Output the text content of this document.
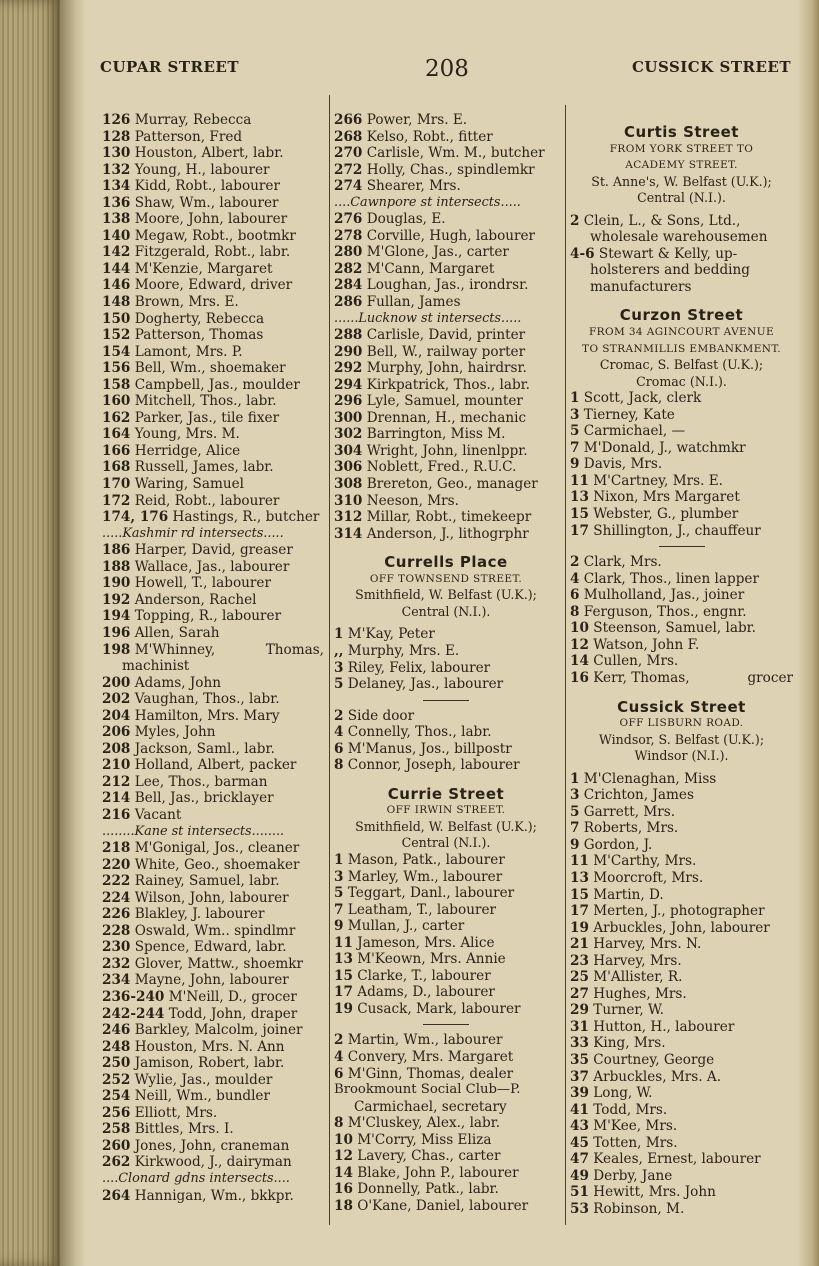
CUPAR STREET	208	CUSSICK STREET
126 Murray, Rebecca
128 Patterson, Fred
130 Houston, Albert, labr.
132 Young, H., labourer
134 Kidd, Robt., labourer
136 Shaw, Wm., labourer
138 Moore, John, labourer
140 Megaw, Robt., bootmkr
142 Fitzgerald, Robt., labr.
144 M'Kenzie, Margaret
146 Moore, Edward, driver
148 Brown, Mrs. E.
150 Dogherty, Rebecca
152 Patterson, Thomas
154 Lamont, Mrs. P.
156 Bell, Wm., shoemaker
158 Campbell, Jas., moulder
160 Mitchell, Thos., labr.
162 Parker, Jas., tile fixer
164 Young, Mrs. M.
166 Herridge, Alice
168 Russell, James, labr.
170 Waring, Samuel
172 Reid, Robt., labourer
174, 176 Hastings, R., butcher
.....Kashmir rd intersects.....
186 Harper, David, greaser
188 Wallace, Jas., labourer
190 Howell, T., labourer
192 Anderson, Rachel
194 Topping, R., labourer
196 Allen, Sarah
198 M'Whinney,	Thomas,
machinist
200 Adams, John
202 Vaughan, Thos., labr.
204 Hamilton, Mrs. Mary
206 Myles, John
208 Jackson, Saml., labr.
210 Holland, Albert, packer
212 Lee, Thos., barman
214 Bell, Jas., bricklayer
216 Vacant
........Kane st intersects........
218 M'Gonigal, Jos., cleaner
220 White, Geo., shoemaker
222 Rainey, Samuel, labr.
224 Wilson, John, labourer
226 Blakley, J. labourer
228 Oswald, Wm.. spindlmr
230 Spence, Edward, labr.
232 Glover, Mattw., shoemkr
234 Mayne, John, labourer
236-240 M'Neill, D., grocer
242-244 Todd, John, draper
246 Barkley, Malcolm, joiner
248 Houston, Mrs. N. Ann
250 Jamison, Robert, labr.
252 Wylie, Jas., moulder
254 Neill, Wm., bundler
256 Elliott, Mrs.
258 Bittles, Mrs. I.
260 Jones, John, craneman
262 Kirkwood, J., dairyman
....Clonard gdns intersects....
264 Hannigan, Wm., bkkpr.
266 Power, Mrs. E.
268 Kelso, Robt., fitter
270 Carlisle, Wm. M., butcher
272 Holly, Chas., spindlemkr
274 Shearer, Mrs.
....Cawnpore st intersects.....
276 Douglas, E.
278 Corville, Hugh, labourer
280 M'Glone, Jas., carter
282 M'Cann, Margaret
284 Loughan, Jas., irondrsr.
286 Fullan, James
......Lucknow st intersects.....
288 Carlisle, David, printer
290 Bell, W., railway porter
292 Murphy, John, hairdrsr.
294 Kirkpatrick, Thos., labr.
296 Lyle, Samuel, mounter
300 Drennan, H., mechanic
302 Barrington, Miss M.
304 Wright, John, linenlppr.
306 Noblett, Fred., R.U.C.
308 Brereton, Geo., manager
310 Neeson, Mrs.
312 Millar, Robt., timekeepr
314 Anderson, J., lithogrphr
Currells Place
OFF TOWNSEND STREET.
Smithfield, W. Belfast (U.K.);
Central (N.I.).
1 M'Kay, Peter
,, Murphy, Mrs. E.
3 Riley, Felix, labourer
5 Delaney, Jas., labourer
2 Side door
4 Connelly, Thos., labr.
6 M'Manus, Jos., billpostr
8 Connor, Joseph, labourer
Currie Street
OFF IRWIN STREET.
Smithfield, W. Belfast (U.K.);
Central (N.I.).
1 Mason, Patk., labourer
3 Marley, Wm., labourer
5 Teggart, Danl., labourer
7 Leatham, T., labourer
9 Mullan, J., carter
11 Jameson, Mrs. Alice
13 M'Keown, Mrs. Annie
15 Clarke, T., labourer
17 Adams, D., labourer
19 Cusack, Mark, labourer
2 Martin, Wm., labourer
4 Convery, Mrs. Margaret
6 M'Ginn, Thomas, dealer
Brookmount Social Club—P.
Carmichael, secretary
8 M'Cluskey, Alex., labr.
10 M'Corry, Miss Eliza
12 Lavery, Chas., carter
14 Blake, John P., labourer
16 Donnelly, Patk., labr.
18 O'Kane, Daniel, labourer
Curtis Street
FROM YORK STREET TO
ACADEMY STREET.
St. Anne's, W. Belfast (U.K.);
Central (N.I.).
2 Clein, L., & Sons, Ltd.,
wholesale warehousemen
4-6 Stewart & Kelly, up-
holsterers and bedding
manufacturers
Curzon Street
FROM 34 AGINCOURT AVENUE
TO STRANMILLIS EMBANKMENT.
Cromac, S. Belfast (U.K.);
Cromac (N.I.).
1 Scott, Jack, clerk
3 Tierney, Kate
5 Carmichael, —
7 M'Donald, J., watchmkr
9 Davis, Mrs.
11 M'Cartney, Mrs. E.
13 Nixon, Mrs Margaret
15 Webster, G., plumber
17 Shillington, J., chauffeur
2 Clark, Mrs.
4 Clark, Thos., linen lapper
6 Mulholland, Jas., joiner
8 Ferguson, Thos., engnr.
10 Steenson, Samuel, labr.
12 Watson, John F.
14 Cullen, Mrs.
16 Kerr, Thomas,	grocer
Cussick Street
OFF LISBURN ROAD.
Windsor, S. Belfast (U.K.);
Windsor (N.I.).
1 M'Clenaghan, Miss
3 Crichton, James
5 Garrett, Mrs.
7 Roberts, Mrs.
9 Gordon, J.
11 M'Carthy, Mrs.
13 Moorcroft, Mrs.
15 Martin, D.
17 Merten, J., photographer
19 Arbuckles, John, labourer
21 Harvey, Mrs. N.
23 Harvey, Mrs.
25 M'Allister, R.
27 Hughes, Mrs.
29 Turner, W.
31 Hutton, H., labourer
33 King, Mrs.
35 Courtney, George
37 Arbuckles, Mrs. A.
39 Long, W.
41 Todd, Mrs.
43 M'Kee, Mrs.
45 Totten, Mrs.
47 Keales, Ernest, labourer
49 Derby, Jane
51 Hewitt, Mrs. John
53 Robinson, M.
